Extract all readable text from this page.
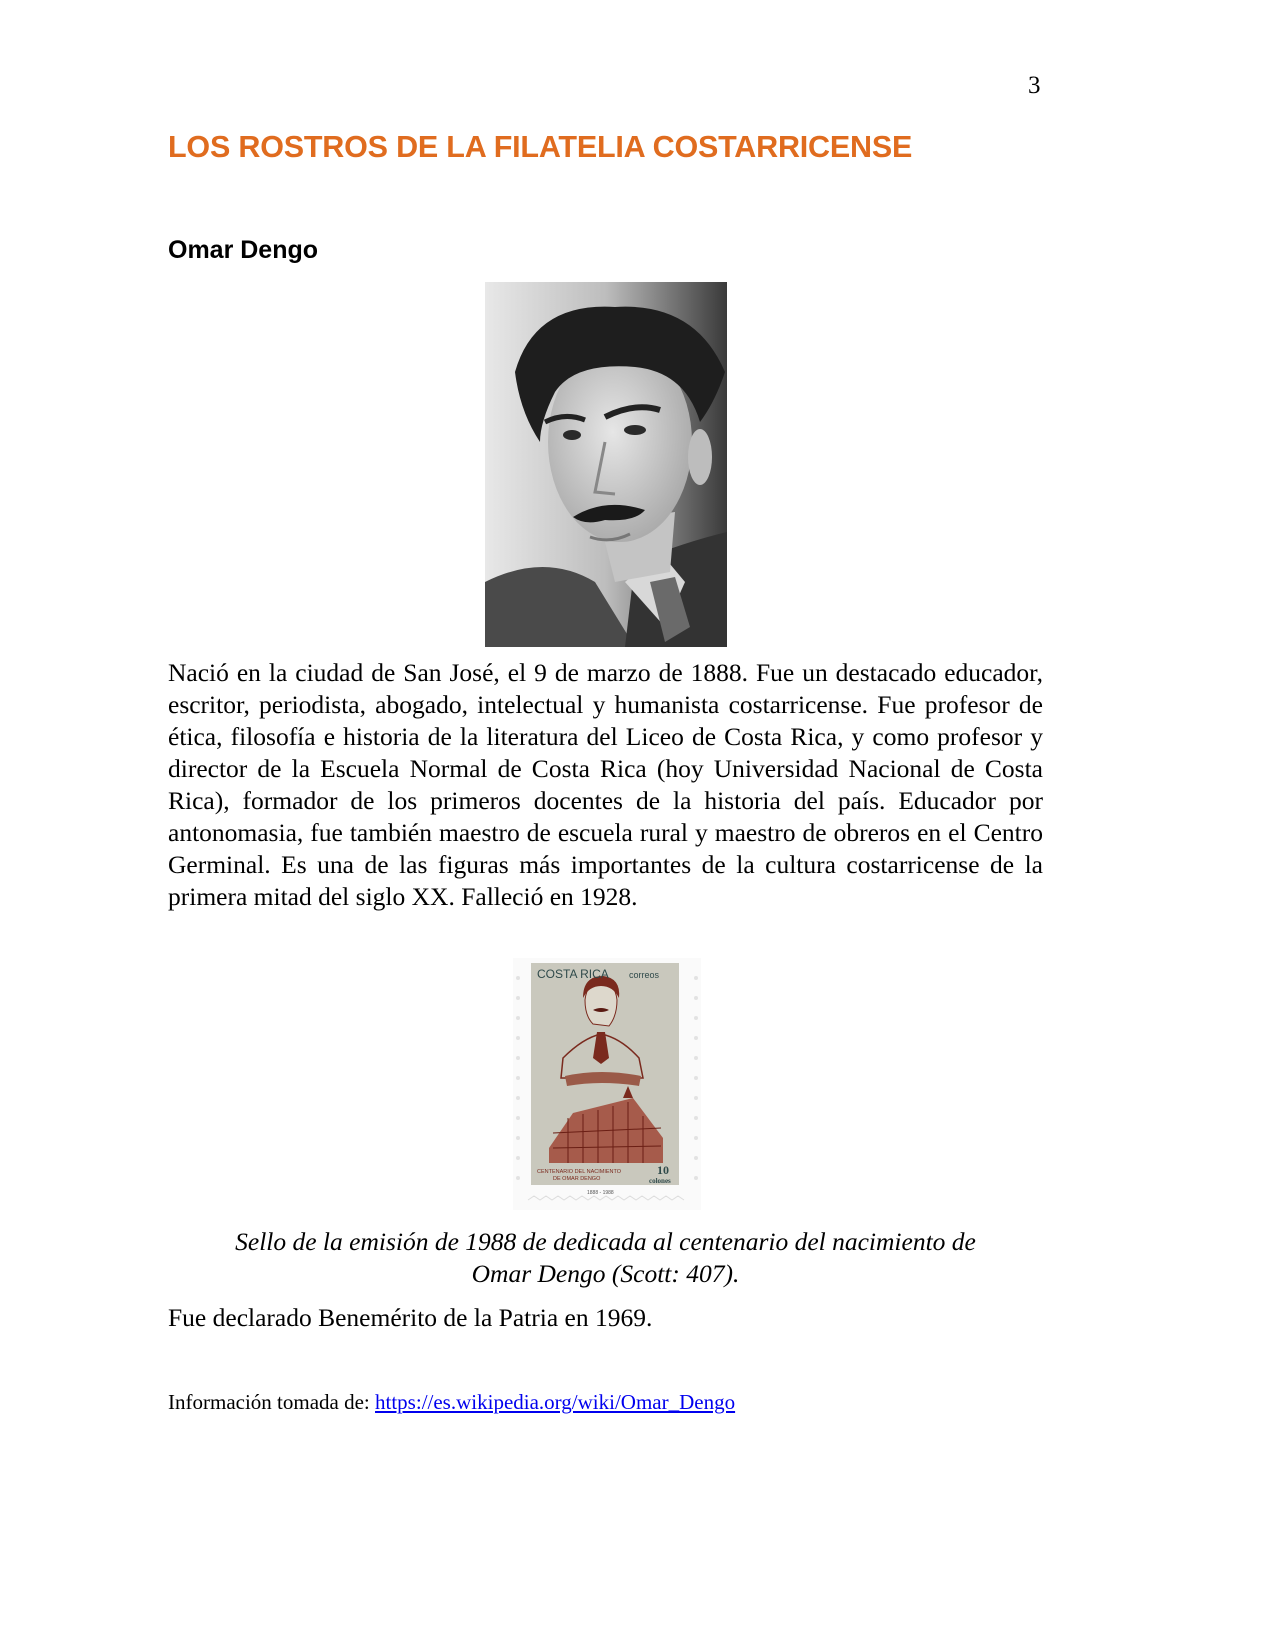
3
LOS ROSTROS DE LA FILATELIA COSTARRICENSE
Omar Dengo
Nació en la ciudad de San José, el 9 de marzo de 1888. Fue un destacado educador, escritor, periodista, abogado, intelectual y humanista costarricense. Fue profesor de ética, filosofía e historia de la literatura del Liceo de Costa Rica, y como profesor y director de la Escuela Normal de Costa Rica (hoy Universidad Nacional de Costa Rica), formador de los primeros docentes de la historia del país. Educador por antonomasia, fue también maestro de escuela rural y maestro de obreros en el Centro Germinal. Es una de las figuras más importantes de la cultura costarricense de la primera mitad del siglo XX. Falleció en 1928.
COSTA RICA correos
CENTENARIO DEL NACIMIENTO
DE OMAR DENGO
10
colones
1888 - 1988
Sello de la emisión de 1988 de dedicada al centenario del nacimiento de
Omar Dengo (Scott: 407).
Fue declarado Benemérito de la Patria en 1969.
Información tomada de: https://es.wikipedia.org/wiki/Omar_Dengo
